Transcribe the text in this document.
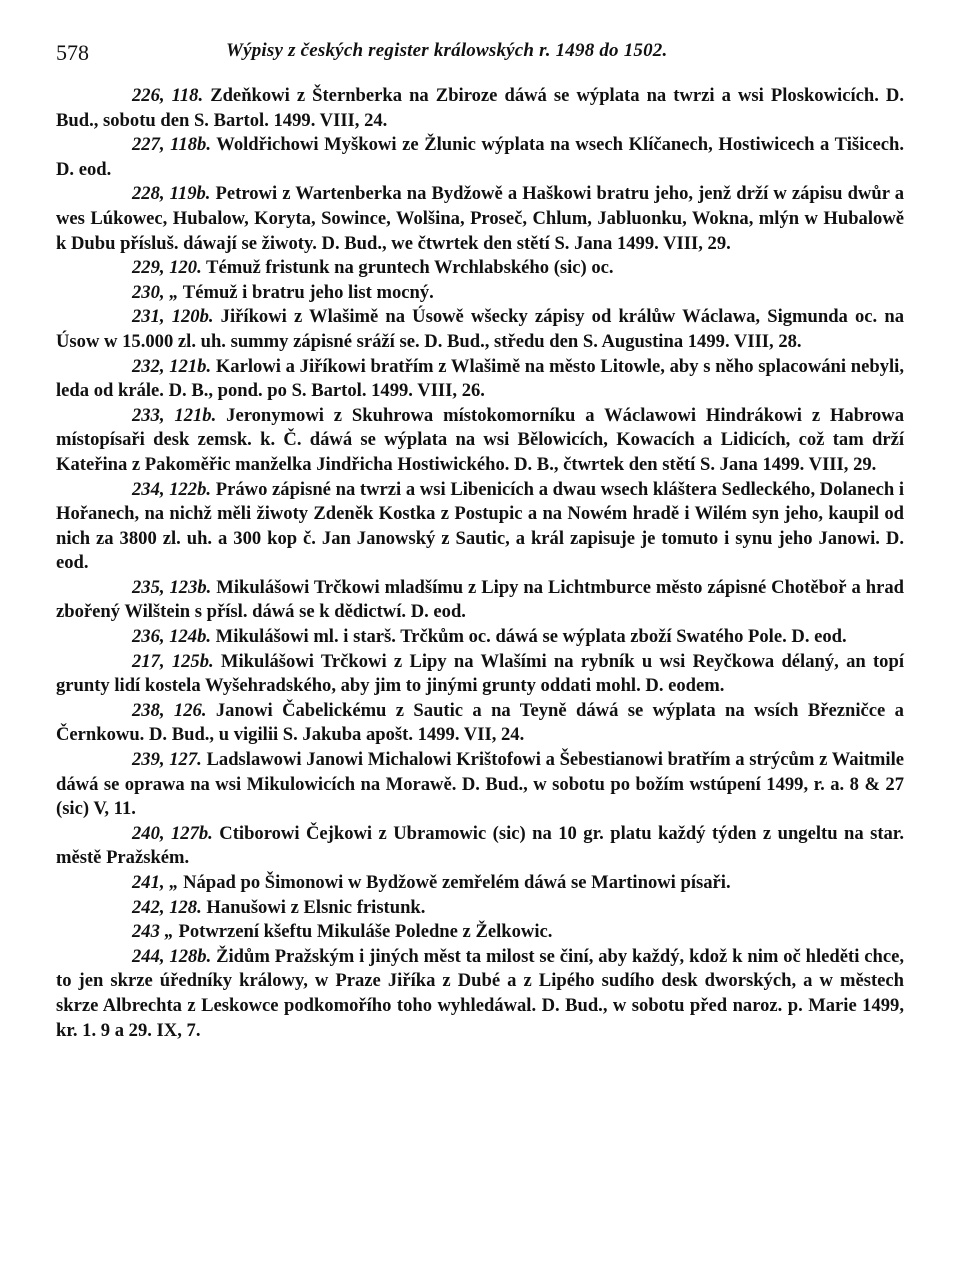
578	Wýpisy z českých register králowských r. 1498 do 1502.

226, 118. Zdeňkowi z Šternberka na Zbiroze dáwá se wýplata na twrzi a wsi Ploskowicích. D. Bud., sobotu den S. Bartol. 1499. VIII, 24.

227, 118b. Woldřichowi Myškowi ze Žlunic wýplata na wsech Klíčanech, Hostiwicech a Tišicech. D. eod.

228, 119b. Petrowi z Wartenberka na Bydžowě a Haškowi bratru jeho, jenž drží w zápisu dwůr a wes Lúkowec, Hubalow, Koryta, Sowince, Wolšina, Proseč, Chlum, Jabluonku, Wokna, mlýn w Hubalowě k Dubu přísluš. dáwají se žiwoty. D. Bud., we čtwrtek den stětí S. Jana 1499. VIII, 29.

229, 120. Témuž fristunk na gruntech Wrchlabského (sic) oc.

230, „ Témuž i bratru jeho list mocný.

231, 120b. Jiříkowi z Wlašimě na Úsowě wšecky zápisy od králůw Wáclawa, Sigmunda oc. na Úsow w 15.000 zl. uh. summy zápisné sráží se. D. Bud., středu den S. Augustina 1499. VIII, 28.

232, 121b. Karlowi a Jiříkowi bratřím z Wlašimě na město Litowle, aby s něho splacowáni nebyli, leda od krále. D. B., pond. po S. Bartol. 1499. VIII, 26.

233, 121b. Jeronymowi z Skuhrowa místokomorníku a Wáclawowi Hindrákowi z Habrowa místopísaři desk zemsk. k. Č. dáwá se wýplata na wsi Bělowicích, Kowacích a Lidicích, což tam drží Kateřina z Pakoměřic manželka Jindřicha Hostiwického. D. B., čtwrtek den stětí S. Jana 1499. VIII, 29.

234, 122b. Práwo zápisné na twrzi a wsi Libenicích a dwau wsech kláštera Sedleckého, Dolanech i Hořanech, na nichž měli žiwoty Zdeněk Kostka z Postupic a na Nowém hradě i Wilém syn jeho, kaupil od nich za 3800 zl. uh. a 300 kop č. Jan Janowský z Sautic, a král zapisuje je tomuto i synu jeho Janowi. D. eod.

235, 123b. Mikulášowi Trčkowi mladšímu z Lipy na Lichtmburce město zápisné Chotěboř a hrad zbořený Wilštein s přísl. dáwá se k dědictwí. D. eod.

236, 124b. Mikulášowi ml. i starš. Trčkům oc. dáwá se wýplata zboží Swatého Pole. D. eod.

217, 125b. Mikulášowi Trčkowi z Lipy na Wlašími na rybník u wsi Reyčkowa délaný, an topí grunty lidí kostela Wyšehradského, aby jim to jinými grunty oddati mohl. D. eodem.

238, 126. Janowi Čabelickému z Sautic a na Teyně dáwá se wýplata na wsích Březničce a Černkowu. D. Bud., u vigilii S. Jakuba apošt. 1499. VII, 24.

239, 127. Ladslawowi Janowi Michalowi Krištofowi a Šebestianowi bratřím a strýcům z Waitmile dáwá se oprawa na wsi Mikulowicích na Morawě. D. Bud., w sobotu po božím wstúpení 1499, r. a. 8 & 27 (sic) V, 11.

240, 127b. Ctiborowi Čejkowi z Ubramowic (sic) na 10 gr. platu každý týden z ungeltu na star. městě Pražském.

241, „ Nápad po Šimonowi w Bydžowě zemřelém dáwá se Martinowi písaři.

242, 128. Hanušowi z Elsnic fristunk.

243 „ Potwrzení kšeftu Mikuláše Poledne z Želkowic.

244, 128b. Židům Pražským i jiných měst ta milost se činí, aby každý, kdož k nim oč hleděti chce, to jen skrze úředníky králowy, w Praze Jiříka z Dubé a z Lipého sudího desk dworských, a w městech skrze Albrechta z Leskowce podkomořího toho wyhledáwal. D. Bud., w sobotu před naroz. p. Marie 1499, kr. 1. 9 a 29. IX, 7.
